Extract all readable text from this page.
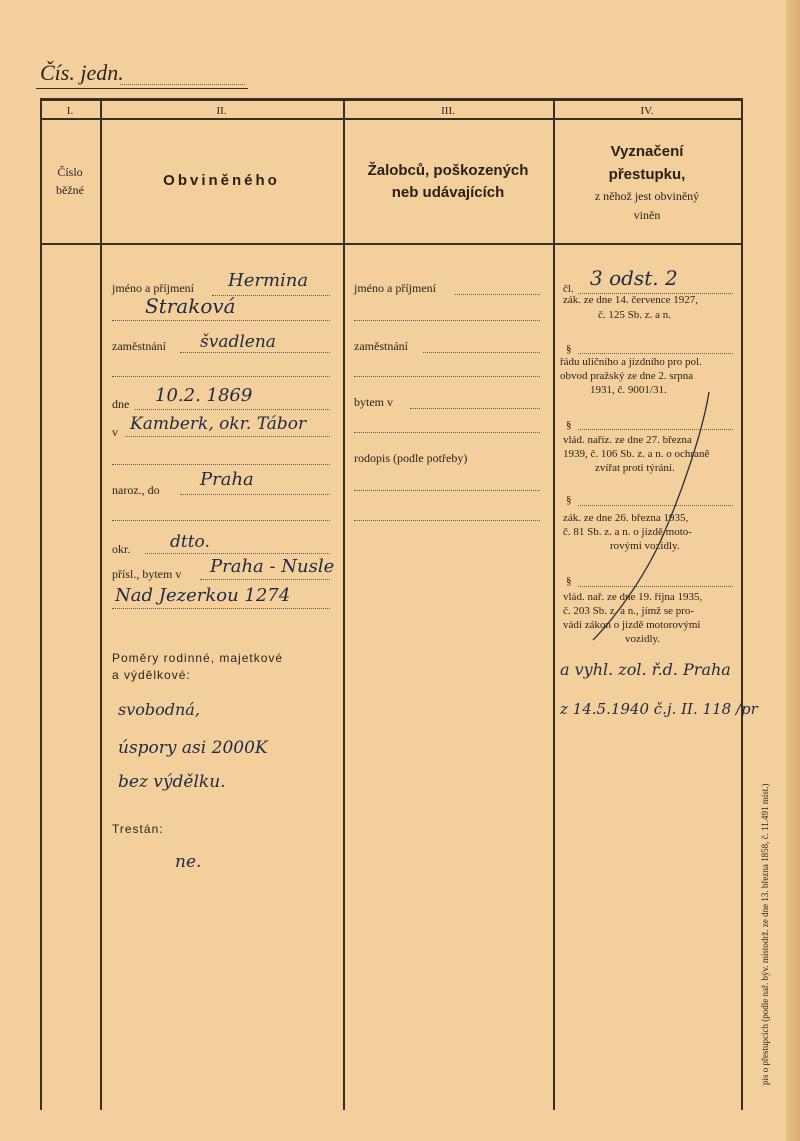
Čís. jedn.
I.	II.	III.	IV.
Číslo
běžné
Obviněného
Žalobců, poškozených
neb udávajících
Vyznačení
přestupku,
z něhož jest obviněný
viněn
jméno a příjmení Hermina
Straková
zaměstnání švadlena
dne 10.2. 1869
v Kamberk, okr. Tábor
naroz., do Praha
okr. dtto.
přísl., bytem v Praha - Nusle
Nad Jezerkou 1274
Poměry rodinné, majetkové
a výdělkové:
svobodná,
úspory asi 2000K
bez výdělku.
Trestán:
ne.
jméno a příjmení
zaměstnání
bytem v
rodopis (podle potřeby)
čl. 3 odst. 2
zák. ze dne 14. července 1927,
č. 125 Sb. z. a n.
§
řádu uličního a jízdního pro pol.
obvod pražský ze dne 2. srpna
1931, č. 9001/31.
§
vlád. naříz. ze dne 27. března
1939, č. 106 Sb. z. a n. o ochraně
zvířat proti týrání.
§
zák. ze dne 26. března 1935,
č. 81 Sb. z. a n. o jízdě moto-
rovými vozidly.
§
vlád. nař. ze dne 19. října 1935,
č. 203 Sb. z. a n., jímž se pro-
vádí zákon o jízdě motorovými
vozidly.
a vyhl. zol. ř.d. Praha
z 14.5.1940 č.j. II. 118 /pr
pis o přestupcích (podle nař. býv. místodrž. ze dne 13. března 1858, č. 11.491 míst.)
